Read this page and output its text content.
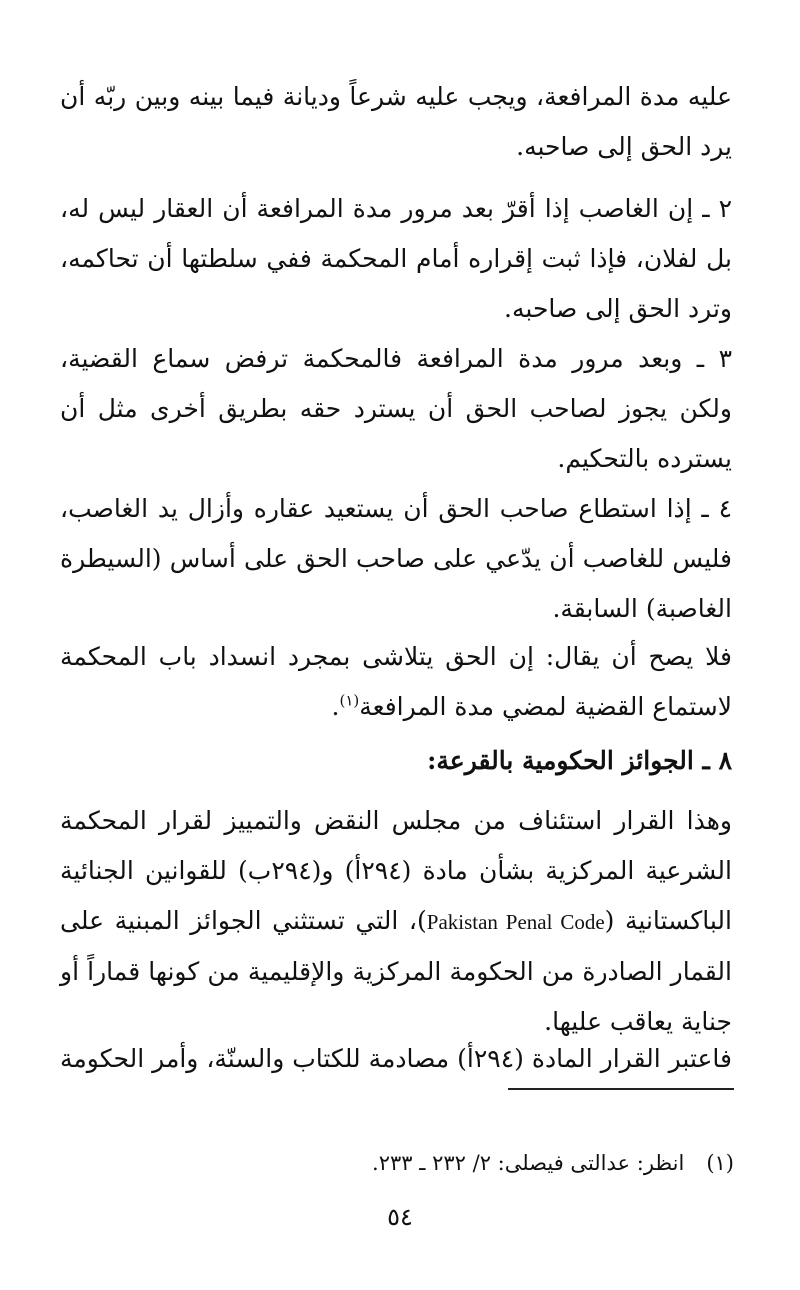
عليه مدة المرافعة، ويجب عليه شرعاً وديانة فيما بينه وبين ربّه أن يرد الحق إلى صاحبه.

٢ ـ إن الغاصب إذا أقرّ بعد مرور مدة المرافعة أن العقار ليس له، بل لفلان، فإذا ثبت إقراره أمام المحكمة ففي سلطتها أن تحاكمه، وترد الحق إلى صاحبه.

٣ ـ وبعد مرور مدة المرافعة فالمحكمة ترفض سماع القضية، ولكن يجوز لصاحب الحق أن يسترد حقه بطريق أخرى مثل أن يسترده بالتحكيم.

٤ ـ إذا استطاع صاحب الحق أن يستعيد عقاره وأزال يد الغاصب، فليس للغاصب أن يدّعي على صاحب الحق على أساس (السيطرة الغاصبة) السابقة.

فلا يصح أن يقال: إن الحق يتلاشى بمجرد انسداد باب المحكمة لاستماع القضية لمضي مدة المرافعة$^{(١)}$.

٨ ـ الجوائز الحكومية بالقرعة:

وهذا القرار استئناف من مجلس النقض والتمييز لقرار المحكمة الشرعية المركزية بشأن مادة (٢٩٤أ) و(٢٩٤ب) للقوانين الجنائية الباكستانية (Pakistan Penal Code)، التي تستثني الجوائز المبنية على القمار الصادرة من الحكومة المركزية والإقليمية من كونها قماراً أو جناية يعاقب عليها.

فاعتبر القرار المادة (٢٩٤أ) مصادمة للكتاب والسنّة، وأمر الحكومة

(١)انظر: عدالتى فيصلى: ٢/ ٢٣٢ ـ ٢٣٣.

٥٤
